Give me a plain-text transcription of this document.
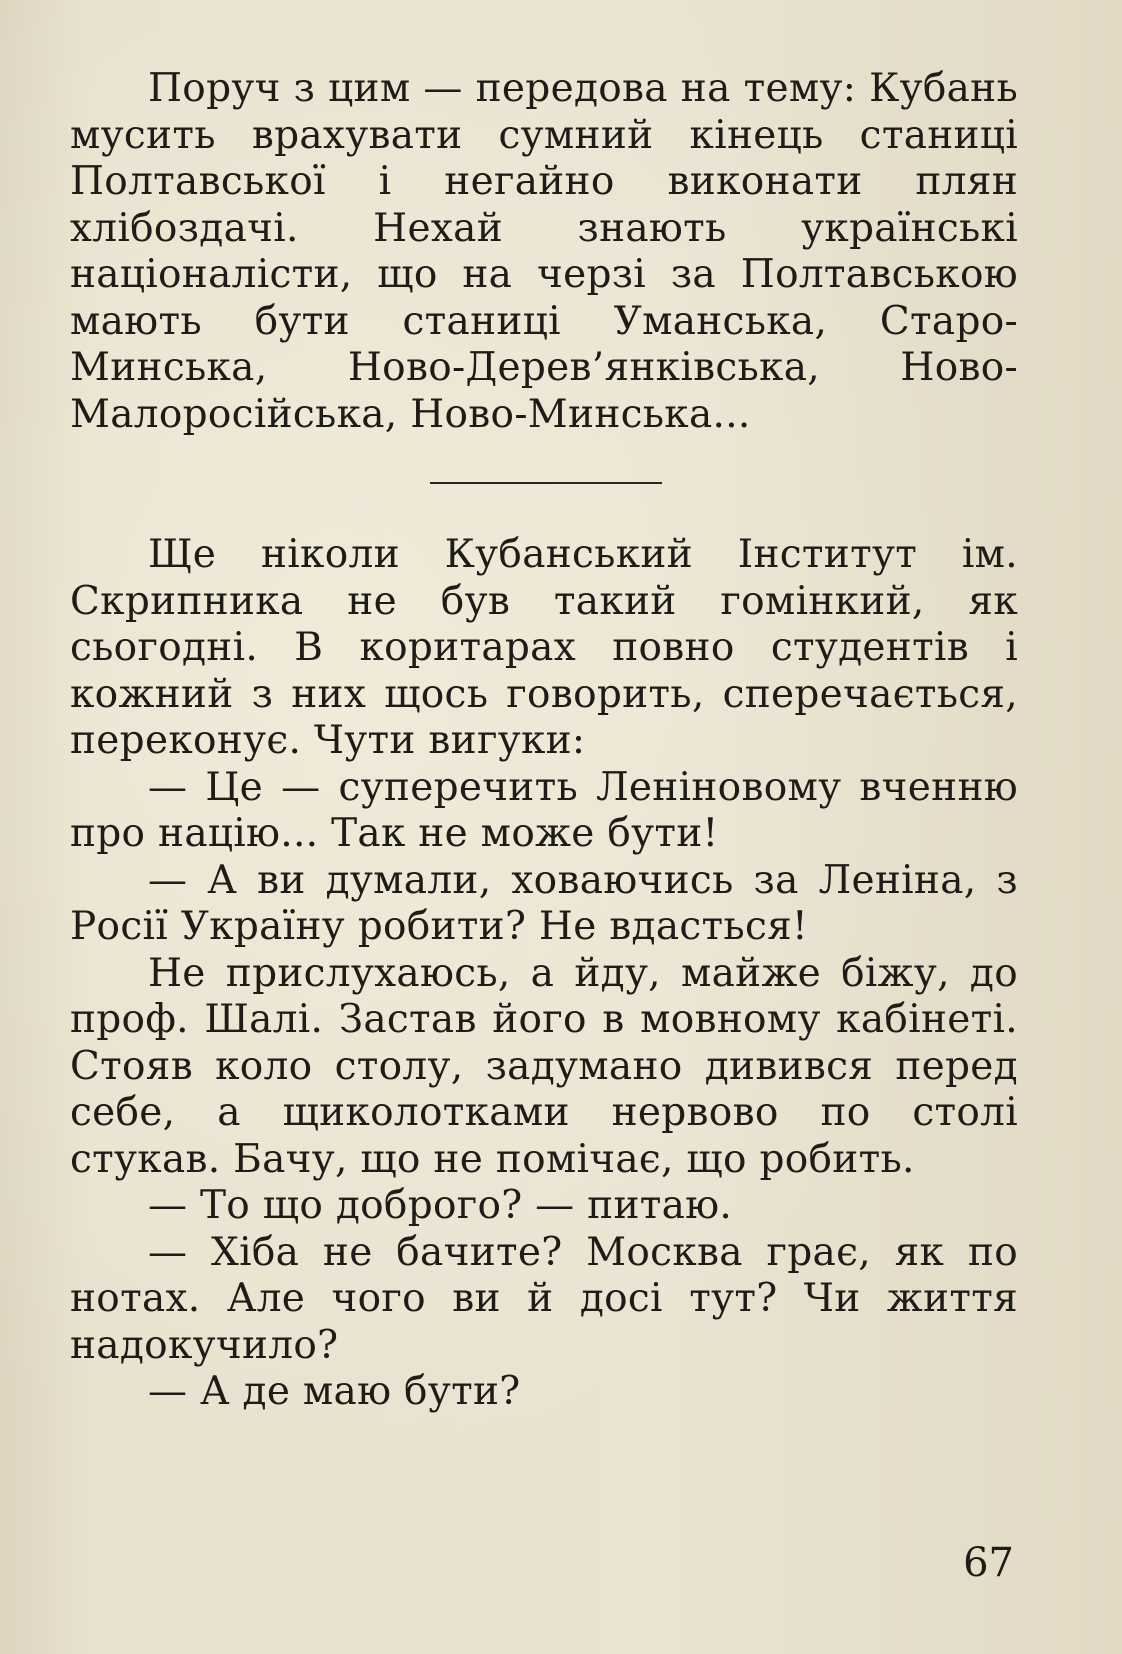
Поруч з цим — передова на тему: Кубань мусить врахувати сумний кінець станиці Полтавської і негайно виконати плян хлібоздачі. Нехай знають українські націоналісти, що на черзі за Полтавською мають бути станиці Уманська, Старо-Минська, Ново-Дерев’янківська, Ново-Малоросійська, Ново-Минська...

Ще ніколи Кубанський Інститут ім. Скрипника не був такий гомінкий, як сьогодні. В коритарах повно студентів і кожний з них щось говорить, сперечається, переконує. Чути вигуки:

— Це — суперечить Леніновому вченню про націю... Так не може бути!

— А ви думали, ховаючись за Леніна, з Росії Україну робити? Не вдасться!

Не прислухаюсь, а йду, майже біжу, до проф. Шалі. Застав його в мовному кабінеті. Стояв коло столу, задумано дивився перед себе, а щиколотками нервово по столі стукав. Бачу, що не помічає, що робить.

— То що доброго? — питаю.

— Хіба не бачите? Москва грає, як по нотах. Але чого ви й досі тут? Чи життя надокучило?

— А де маю бути?

67
